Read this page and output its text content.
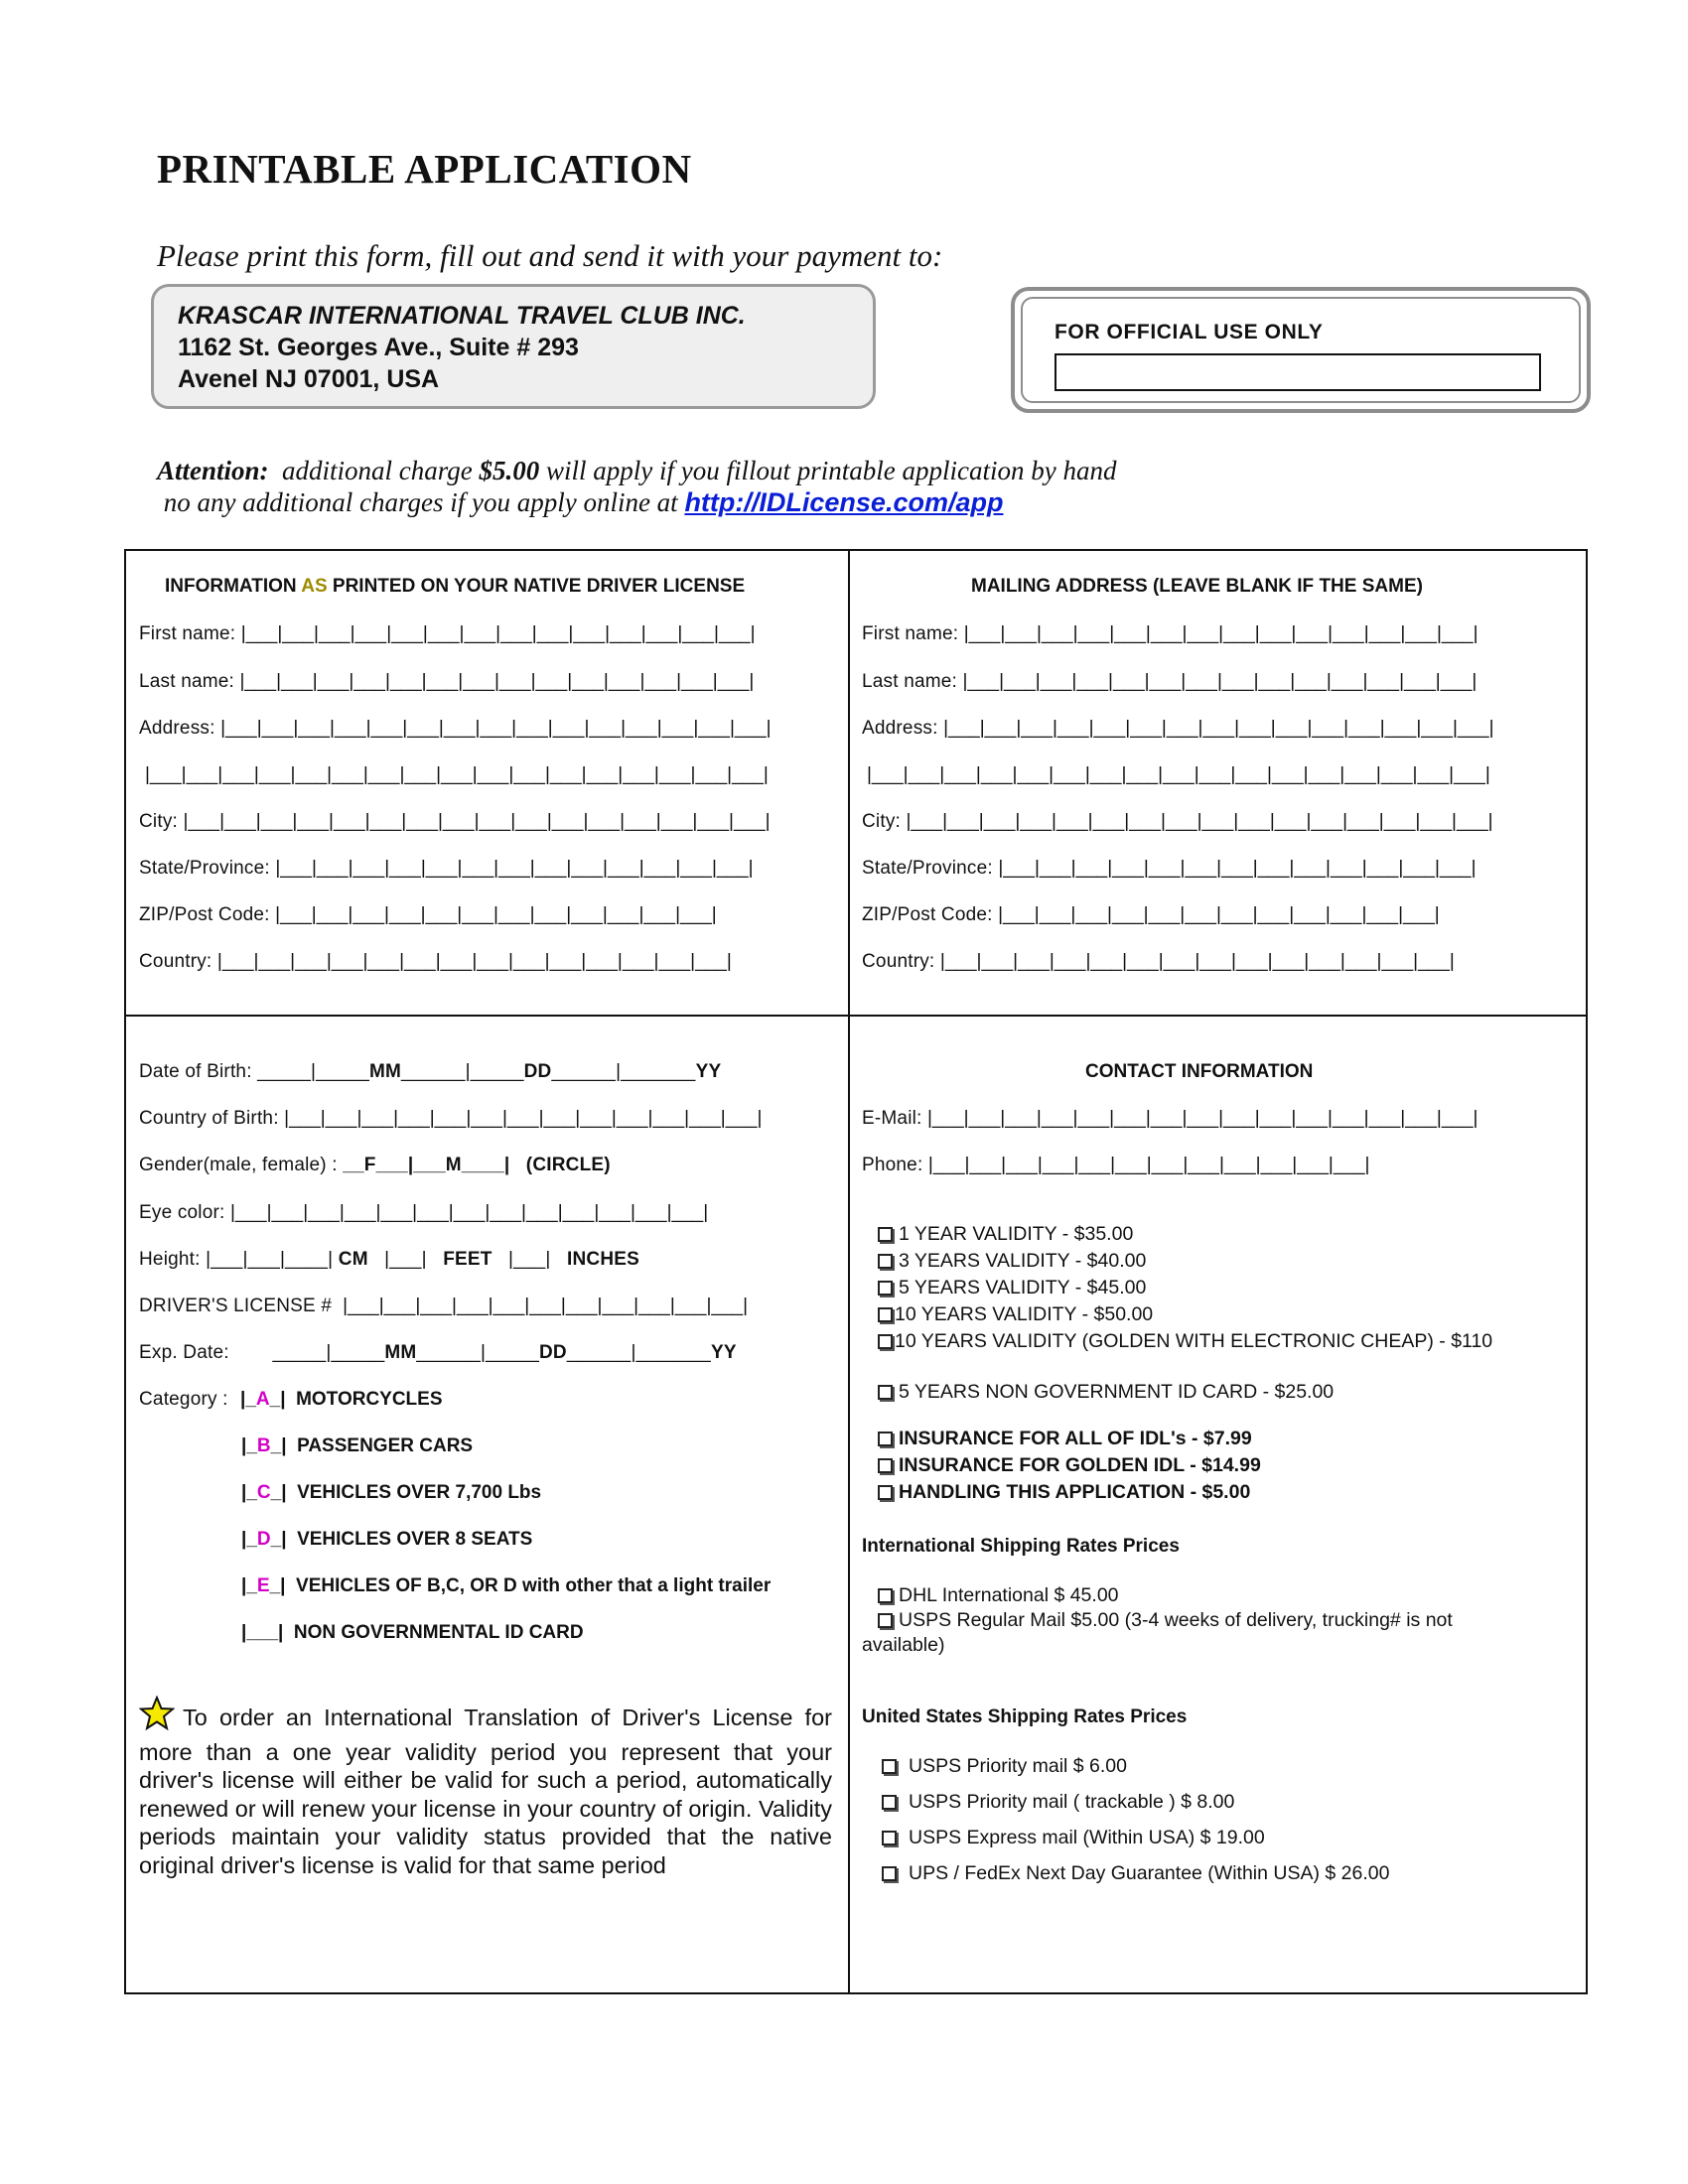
PRINTABLE APPLICATION
Please print this form, fill out and send it with your payment to:
KRASCAR INTERNATIONAL TRAVEL CLUB INC.
1162 St. Georges Ave., Suite # 293
Avenel NJ 07001, USA
FOR OFFICIAL USE ONLY
Attention: additional charge $5.00 will apply if you fillout printable application by hand
no any additional charges if you apply online at http://IDLicense.com/app
INFORMATION AS PRINTED ON YOUR NATIVE DRIVER LICENSE
First name: |___|___|___|___|___|___|___|___|___|___|___|___|___|___|
Last name: |___|___|___|___|___|___|___|___|___|___|___|___|___|___|
Address: |___|___|___|___|___|___|___|___|___|___|___|___|___|___|___|
|___|___|___|___|___|___|___|___|___|___|___|___|___|___|___|___|___|
City: |___|___|___|___|___|___|___|___|___|___|___|___|___|___|___|___|
State/Province: |___|___|___|___|___|___|___|___|___|___|___|___|___|
ZIP/Post Code: |___|___|___|___|___|___|___|___|___|___|___|___|
Country: |___|___|___|___|___|___|___|___|___|___|___|___|___|___|
MAILING ADDRESS (LEAVE BLANK IF THE SAME)
First name: |___|___|___|___|___|___|___|___|___|___|___|___|___|___|
Last name: |___|___|___|___|___|___|___|___|___|___|___|___|___|___|
Address: |___|___|___|___|___|___|___|___|___|___|___|___|___|___|___|
|___|___|___|___|___|___|___|___|___|___|___|___|___|___|___|___|___|
City: |___|___|___|___|___|___|___|___|___|___|___|___|___|___|___|___|
State/Province: |___|___|___|___|___|___|___|___|___|___|___|___|___|
ZIP/Post Code: |___|___|___|___|___|___|___|___|___|___|___|___|
Country: |___|___|___|___|___|___|___|___|___|___|___|___|___|___|
Date of Birth: _____|_____MM______|_____DD______|_______YY
Country of Birth: |___|___|___|___|___|___|___|___|___|___|___|___|___|
Gender(male, female) : __F___|___M____|   (CIRCLE)
Eye color: |___|___|___|___|___|___|___|___|___|___|___|___|___|
Height: |___|___|____| CM   |___|   FEET   |___|   INCHES
DRIVER'S LICENSE # |___|___|___|___|___|___|___|___|___|___|___|
Exp. Date:        _____|_____MM______|_____DD______|_______YY
Category : |_A_|  MOTORCYCLES
|_B_|  PASSENGER CARS
|_C_|  VEHICLES OVER 7,700 Lbs
|_D_|  VEHICLES OVER 8 SEATS
|_E_|  VEHICLES OF B,C, OR D with other that a light trailer
|___|  NON GOVERNMENTAL ID CARD
To order an International Translation of Driver's License for more than a one year validity period you represent that your driver's license will either be valid for such a period, automatically renewed or will renew your license in your country of origin. Validity periods maintain your validity status provided that the native original driver's license is valid for that same period
CONTACT INFORMATION
E-Mail: |___|___|___|___|___|___|___|___|___|___|___|___|___|___|___|
Phone: |___|___|___|___|___|___|___|___|___|___|___|___|
1 YEAR VALIDITY - $35.00
3 YEARS VALIDITY - $40.00
5 YEARS VALIDITY - $45.00
10 YEARS VALIDITY - $50.00
10 YEARS VALIDITY (GOLDEN WITH ELECTRONIC CHEAP) - $110
5 YEARS NON GOVERNMENT ID CARD - $25.00
INSURANCE FOR ALL OF IDL's - $7.99
INSURANCE FOR GOLDEN IDL - $14.99
HANDLING THIS APPLICATION - $5.00
International Shipping Rates Prices
DHL International $ 45.00
USPS Regular Mail $5.00 (3-4 weeks of delivery, trucking# is not
available)
United States Shipping Rates Prices
USPS Priority mail $ 6.00
USPS Priority mail ( trackable ) $ 8.00
USPS Express mail (Within USA) $ 19.00
UPS / FedEx Next Day Guarantee (Within USA) $ 26.00
